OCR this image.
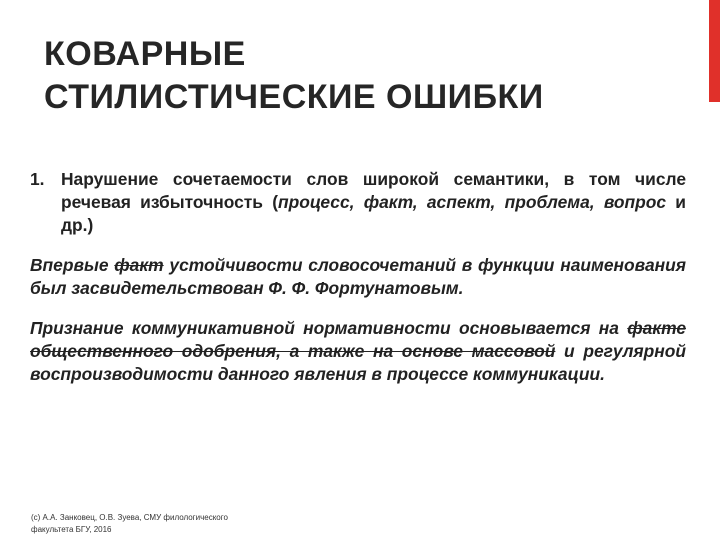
КОВАРНЫЕ
СТИЛИСТИЧЕСКИЕ ОШИБКИ

1. Нарушение сочетаемости слов широкой семантики, в том числе речевая избыточность (процесс, факт, аспект, проблема, вопрос и др.)

Впервые факт устойчивости словосочетаний в функции наименования был засвидетельствован Ф. Ф. Фортунатовым.

Признание коммуникативной нормативности основывается на факте общественного одобрения, а также на основе массовой и регулярной воспроизводимости данного явления в процессе коммуникации.

(с) А.А. Занковец, О.В. Зуева, СМУ филологического
факультета БГУ, 2016
